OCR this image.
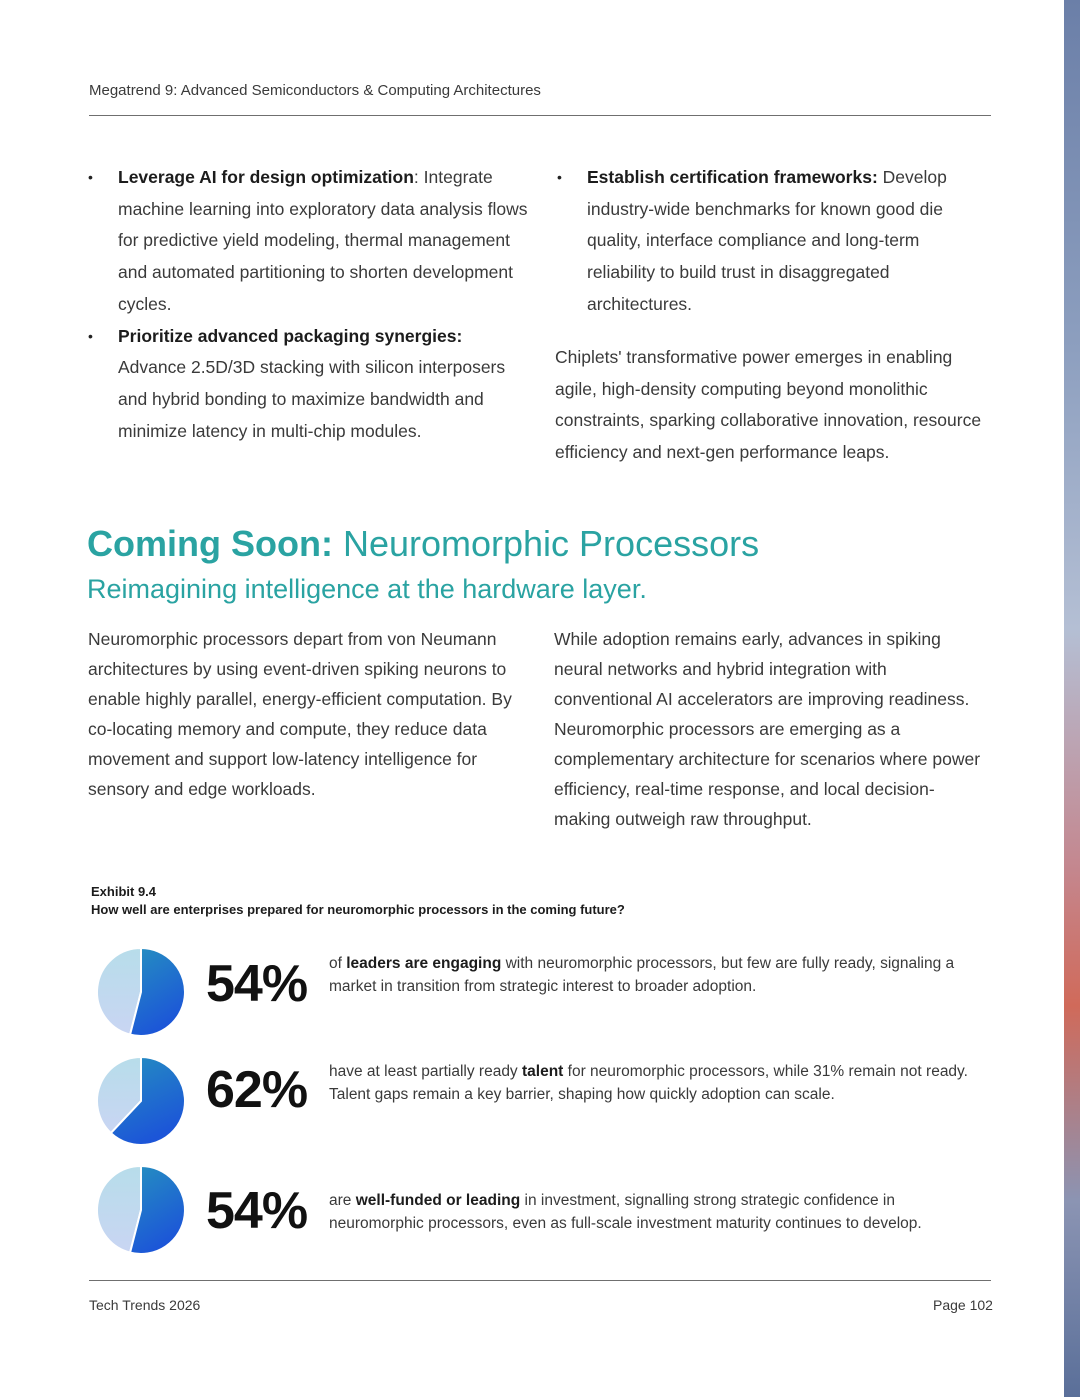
Megatrend 9: Advanced Semiconductors & Computing Architectures
• Leverage AI for design optimization: Integrate machine learning into exploratory data analysis flows for predictive yield modeling, thermal management and automated partitioning to shorten development cycles.
• Prioritize advanced packaging synergies: Advance 2.5D/3D stacking with silicon interposers and hybrid bonding to maximize bandwidth and minimize latency in multi-chip modules.
• Establish certification frameworks: Develop industry-wide benchmarks for known good die quality, interface compliance and long-term reliability to build trust in disaggregated architectures.

Chiplets' transformative power emerges in enabling agile, high-density computing beyond monolithic constraints, sparking collaborative innovation, resource efficiency and next-gen performance leaps.

Coming Soon: Neuromorphic Processors
Reimagining intelligence at the hardware layer.

Neuromorphic processors depart from von Neumann architectures by using event-driven spiking neurons to enable highly parallel, energy-efficient computation. By co-locating memory and compute, they reduce data movement and support low-latency intelligence for sensory and edge workloads.

While adoption remains early, advances in spiking neural networks and hybrid integration with conventional AI accelerators are improving readiness. Neuromorphic processors are emerging as a complementary architecture for scenarios where power efficiency, real-time response, and local decision-making outweigh raw throughput.

Exhibit 9.4
How well are enterprises prepared for neuromorphic processors in the coming future?
54% of leaders are engaging with neuromorphic processors, but few are fully ready, signaling a market in transition from strategic interest to broader adoption.
62% have at least partially ready talent for neuromorphic processors, while 31% remain not ready. Talent gaps remain a key barrier, shaping how quickly adoption can scale.
54% are well-funded or leading in investment, signalling strong strategic confidence in neuromorphic processors, even as full-scale investment maturity continues to develop.
Tech Trends 2026	Page 102
